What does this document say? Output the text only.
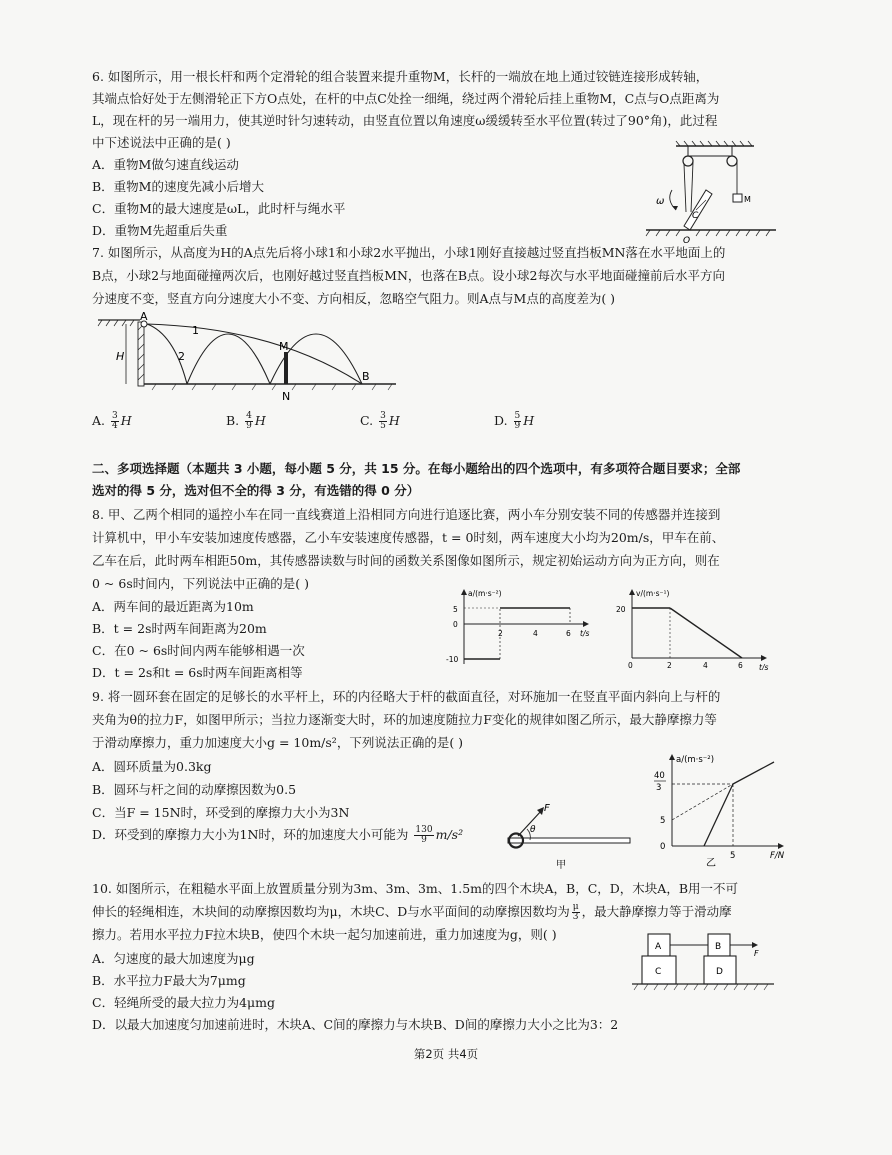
6. 如图所示，用一根长杆和两个定滑轮的组合装置来提升重物M，长杆的一端放在地上通过铰链连接形成转轴，
其端点恰好处于左侧滑轮正下方O点处，在杆的中点C处拴一细绳，绕过两个滑轮后挂上重物M，C点与O点距离为
L，现在杆的另一端用力，使其逆时针匀速转动，由竖直位置以角速度ω缓缓转至水平位置(转过了90°角)，此过程
中下述说法中正确的是( )
A．重物M做匀速直线运动
B．重物M的速度先减小后增大
C．重物M的最大速度是ωL，此时杆与绳水平
D．重物M先超重后失重
M
C
ω
O
7. 如图所示，从高度为H的A点先后将小球1和小球2水平抛出，小球1刚好直接越过竖直挡板MN落在水平地面上的
B点，小球2与地面碰撞两次后，也刚好越过竖直挡板MN，也落在B点。设小球2每次与水平地面碰撞前后水平方向
分速度不变，竖直方向分速度大小不变、方向相反，忽略空气阻力。则A点与M点的高度差为( )
A
H
1
2
M
N
B
A. $\frac{3}{4}$ H	B. $\frac{4}{9}$ H	C. $\frac{3}{5}$ H	D. $\frac{5}{9}$ H
二、多项选择题（本题共 3 小题，每小题 5 分，共 15 分。在每小题给出的四个选项中，有多项符合题目要求；全部
选对的得 5 分，选对但不全的得 3 分，有选错的得 0 分）
8. 甲、乙两个相同的遥控小车在同一直线赛道上沿相同方向进行追逐比赛，两小车分别安装不同的传感器并连接到
计算机中，甲小车安装加速度传感器，乙小车安装速度传感器，t = 0时刻，两车速度大小均为20m/s，甲车在前、
乙车在后，此时两车相距50m，其传感器读数与时间的函数关系图像如图所示，规定初始运动方向为正方向，则在
0 ~ 6s时间内，下列说法中正确的是( )
A．两车间的最近距离为10m
B．t = 2s时两车间距离为20m
C．在0 ~ 6s时间内两车能够相遇一次
D．t = 2s和t = 6s时两车间距离相等
a/(m·s⁻²)
t/s
5
0
-10
2	4	6
v/(m·s⁻¹)
t/s
20
0	2	4	6
9. 将一圆环套在固定的足够长的水平杆上，环的内径略大于杆的截面直径，对环施加一在竖直平面内斜向上与杆的
夹角为θ的拉力F，如图甲所示；当拉力逐渐变大时，环的加速度随拉力F变化的规律如图乙所示，最大静摩擦力等
于滑动摩擦力，重力加速度大小g = 10m/s²，下列说法正确的是( )
A．圆环质量为0.3kg
B．圆环与杆之间的动摩擦因数为0.5
C．当F = 15N时，环受到的摩擦力大小为3N
D．环受到的摩擦力大小为1N时，环的加速度大小可能为 $\frac{130}{9} m/s^2$
F
θ
甲
a/(m·s⁻²)
F/N
40
3
5
0
5
乙
10. 如图所示，在粗糙水平面上放置质量分别为3m、3m、3m、1.5m的四个木块A，B，C，D，木块A，B用一不可
伸长的轻绳相连，木块间的动摩擦因数均为μ，木块C、D与水平面间的动摩擦因数均为 $\frac{\mu}{3}$ ，最大静摩擦力等于滑动摩
擦力。若用水平拉力F拉木块B，使四个木块一起匀加速前进，重力加速度为g，则( )
A．匀速度的最大加速度为μg
B．水平拉力F最大为7μmg
C．轻绳所受的最大拉力为4μmg
D．以最大加速度匀加速前进时，木块A、C间的摩擦力与木块B、D间的摩擦力大小之比为3：2
A	B
F
C	D
第2页 共4页
